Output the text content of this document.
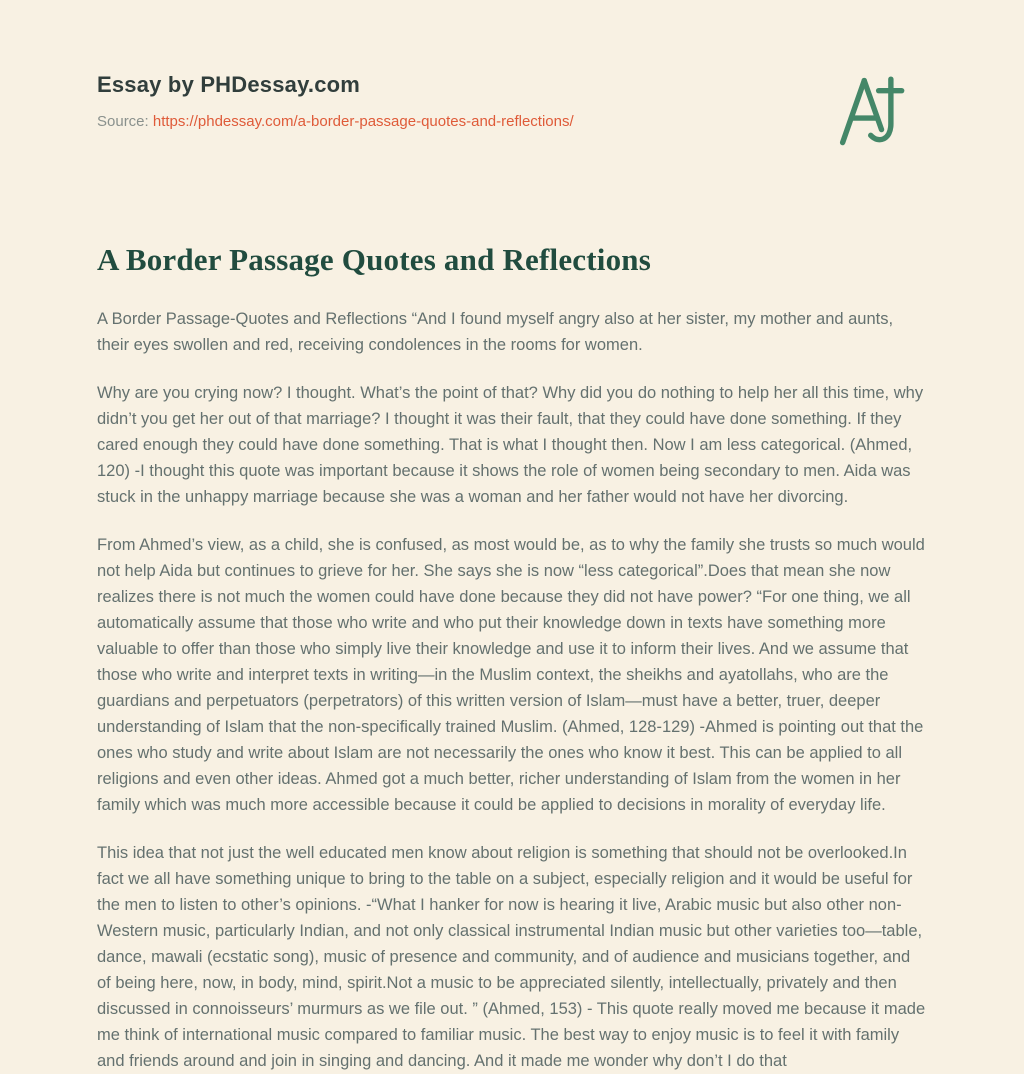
Essay by PHDessay.com
Source: https://phdessay.com/a-border-passage-quotes-and-reflections/
A Border Passage Quotes and Reflections

A Border Passage-Quotes and Reflections “And I found myself angry also at her sister, my mother and aunts, their eyes swollen and red, receiving condolences in the rooms for women.

Why are you crying now? I thought. What’s the point of that? Why did you do nothing to help her all this time, why didn’t you get her out of that marriage? I thought it was their fault, that they could have done something. If they cared enough they could have done something. That is what I thought then. Now I am less categorical. (Ahmed, 120) -I thought this quote was important because it shows the role of women being secondary to men. Aida was stuck in the unhappy marriage because she was a woman and her father would not have her divorcing.

From Ahmed’s view, as a child, she is confused, as most would be, as to why the family she trusts so much would not help Aida but continues to grieve for her. She says she is now “less categorical”.Does that mean she now realizes there is not much the women could have done because they did not have power? “For one thing, we all automatically assume that those who write and who put their knowledge down in texts have something more valuable to offer than those who simply live their knowledge and use it to inform their lives. And we assume that those who write and interpret texts in writing—in the Muslim context, the sheikhs and ayatollahs, who are the guardians and perpetuators (perpetrators) of this written version of Islam—must have a better, truer, deeper understanding of Islam that the non-specifically trained Muslim. (Ahmed, 128-129) -Ahmed is pointing out that the ones who study and write about Islam are not necessarily the ones who know it best. This can be applied to all religions and even other ideas. Ahmed got a much better, richer understanding of Islam from the women in her family which was much more accessible because it could be applied to decisions in morality of everyday life.

This idea that not just the well educated men know about religion is something that should not be overlooked.In fact we all have something unique to bring to the table on a subject, especially religion and it would be useful for the men to listen to other’s opinions. -“What I hanker for now is hearing it live, Arabic music but also other non-Western music, particularly Indian, and not only classical instrumental Indian music but other varieties too—table, dance, mawali (ecstatic song), music of presence and community, and of audience and musicians together, and of being here, now, in body, mind, spirit.Not a music to be appreciated silently, intellectually, privately and then discussed in connoisseurs’ murmurs as we file out. ” (Ahmed, 153) - This quote really moved me because it made me think of international music compared to familiar music. The best way to enjoy music is to feel it with family and friends around and join in singing and dancing. And it made me wonder why don’t I do that
